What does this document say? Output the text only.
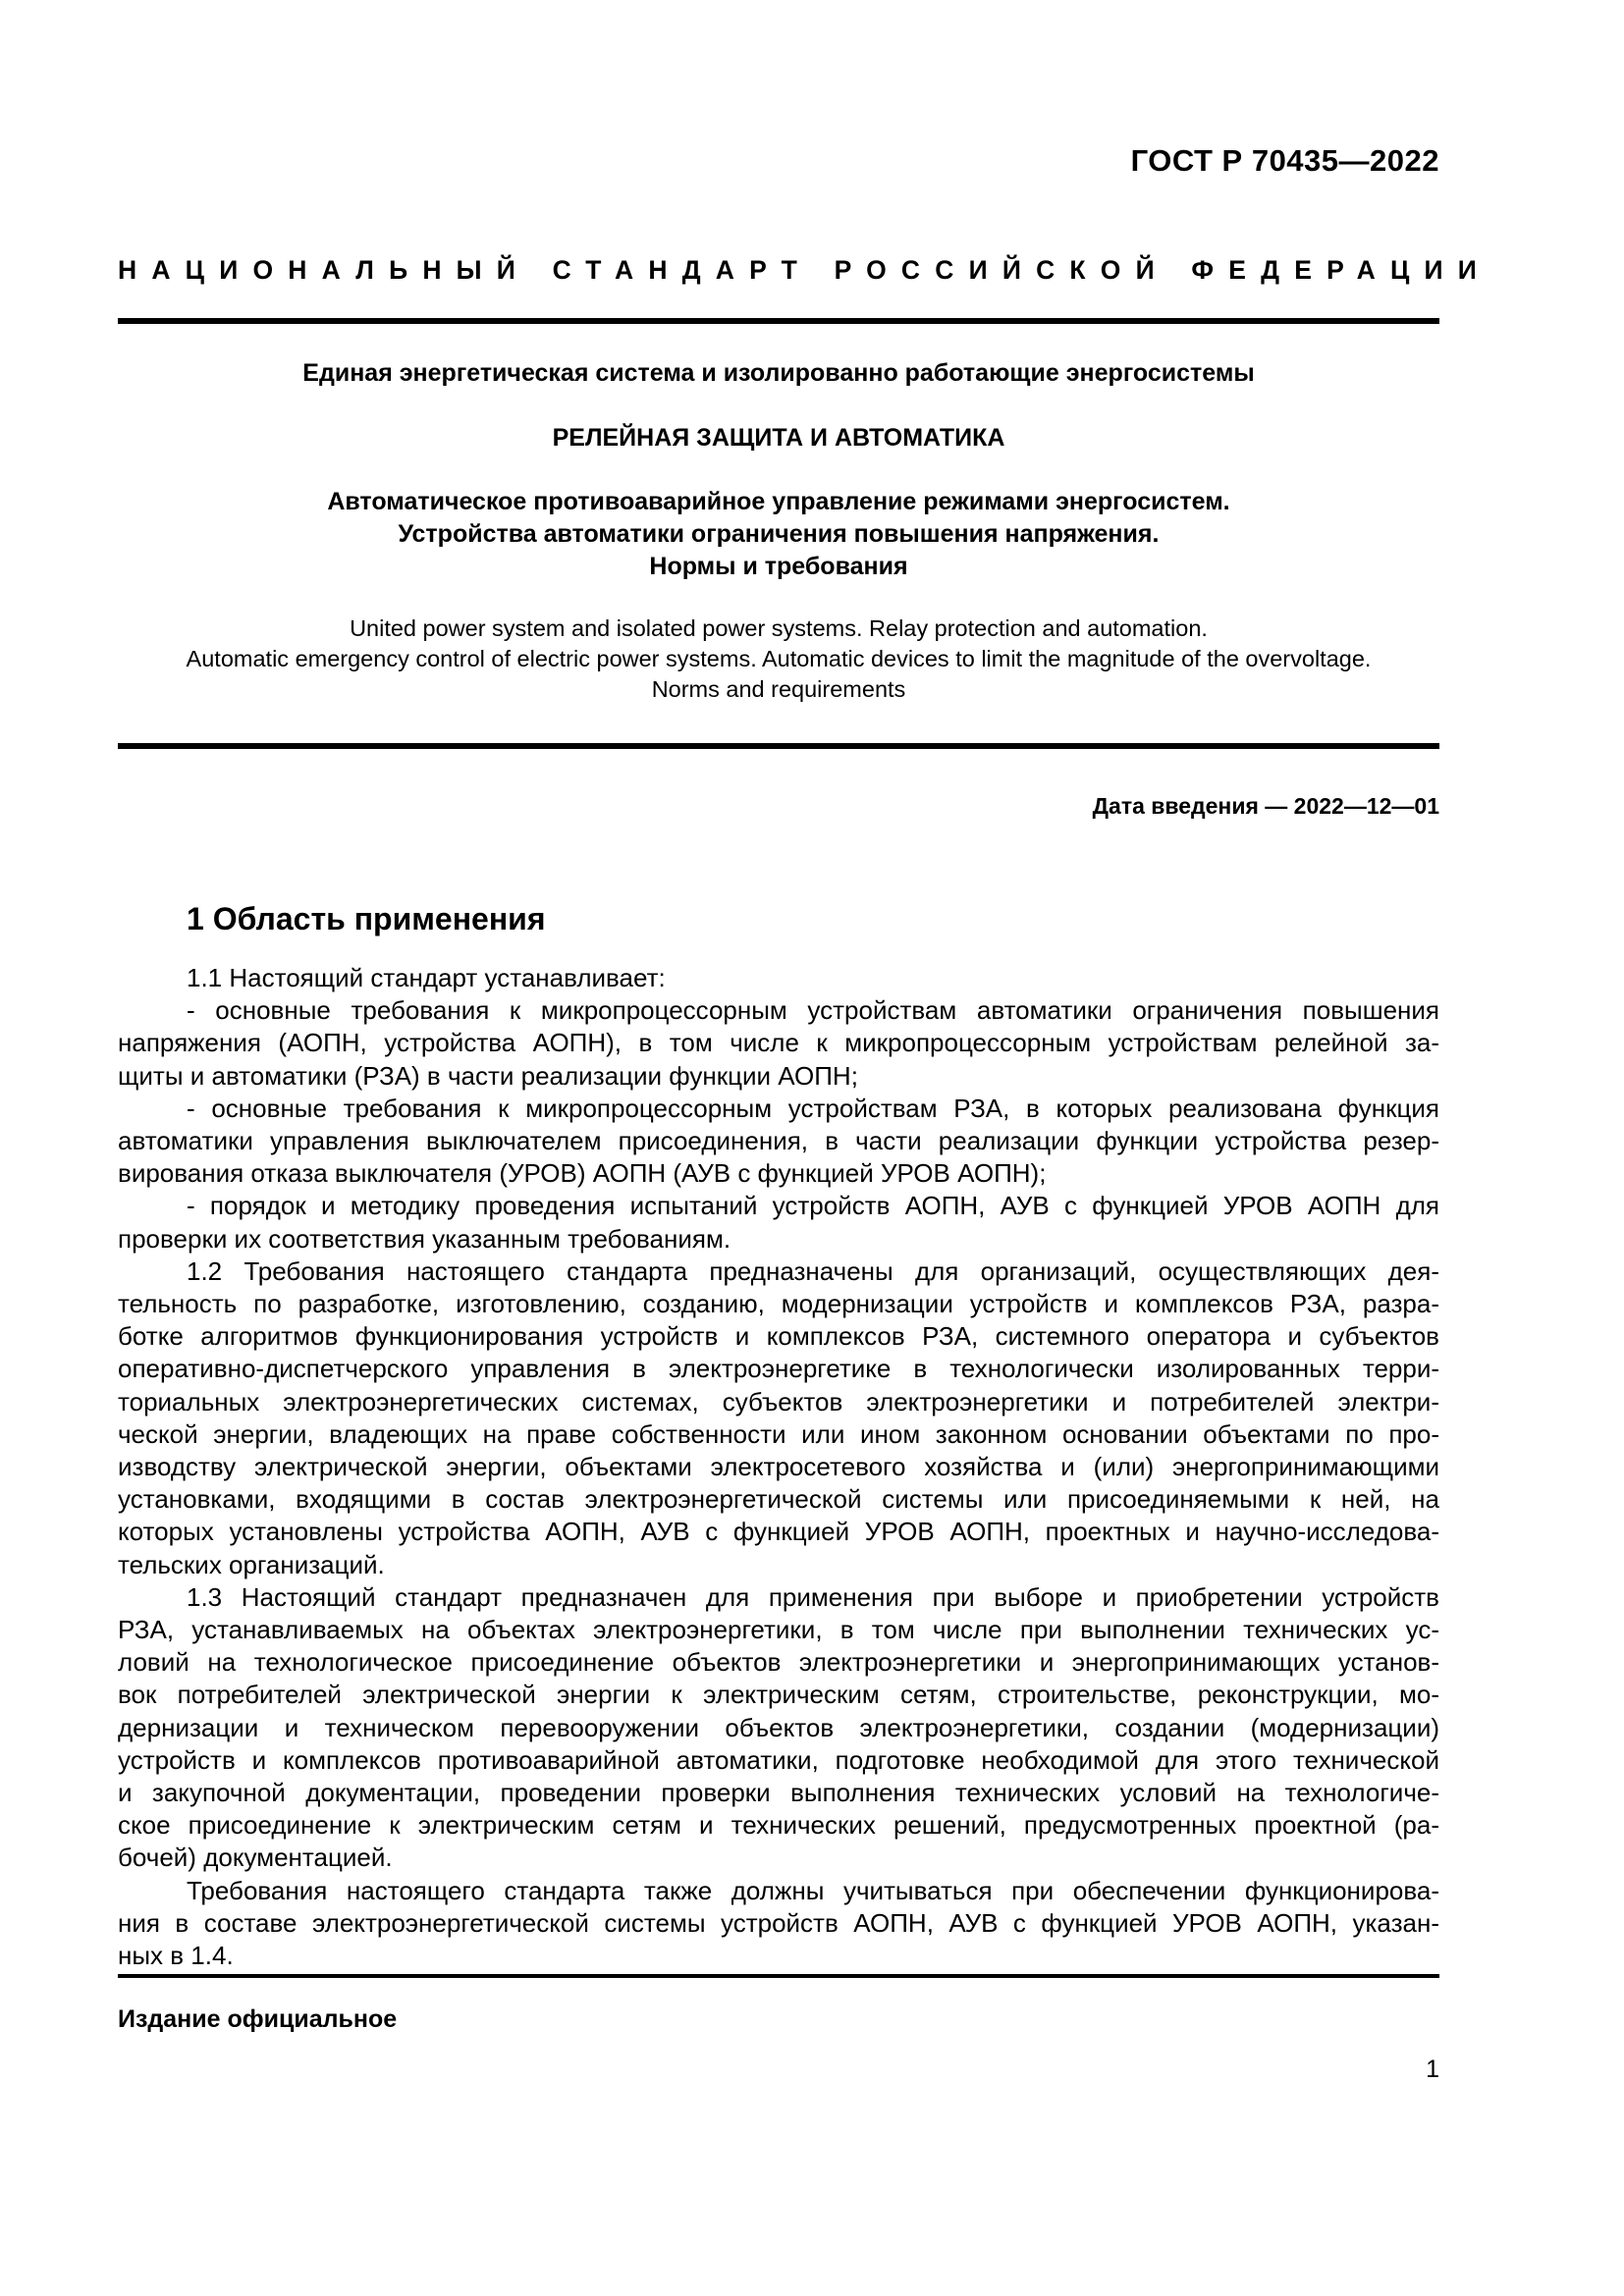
ГОСТ Р 70435—2022
НАЦИОНАЛЬНЫЙ СТАНДАРТ РОССИЙСКОЙ ФЕДЕРАЦИИ
Единая энергетическая система и изолированно работающие энергосистемы
РЕЛЕЙНАЯ ЗАЩИТА И АВТОМАТИКА
Автоматическое противоаварийное управление режимами энергосистем.
Устройства автоматики ограничения повышения напряжения.
Нормы и требования
United power system and isolated power systems. Relay protection and automation.
Automatic emergency control of electric power systems. Automatic devices to limit the magnitude of the overvoltage.
Norms and requirements
Дата введения — 2022—12—01
1 Область применения
1.1 Настоящий стандарт устанавливает:
- основные требования к микропроцессорным устройствам автоматики ограничения повышения
напряжения (АОПН, устройства АОПН), в том числе к микропроцессорным устройствам релейной за-
щиты и автоматики (РЗА) в части реализации функции АОПН;
- основные требования к микропроцессорным устройствам РЗА, в которых реализована функция
автоматики управления выключателем присоединения, в части реализации функции устройства резер-
вирования отказа выключателя (УРОВ) АОПН (АУВ с функцией УРОВ АОПН);
- порядок и методику проведения испытаний устройств АОПН, АУВ с функцией УРОВ АОПН для
проверки их соответствия указанным требованиям.
1.2 Требования настоящего стандарта предназначены для организаций, осуществляющих дея-
тельность по разработке, изготовлению, созданию, модернизации устройств и комплексов РЗА, разра-
ботке алгоритмов функционирования устройств и комплексов РЗА, системного оператора и субъектов
оперативно-диспетчерского управления в электроэнергетике в технологически изолированных терри-
ториальных электроэнергетических системах, субъектов электроэнергетики и потребителей электри-
ческой энергии, владеющих на праве собственности или ином законном основании объектами по про-
изводству электрической энергии, объектами электросетевого хозяйства и (или) энергопринимающими
установками, входящими в состав электроэнергетической системы или присоединяемыми к ней, на
которых установлены устройства АОПН, АУВ с функцией УРОВ АОПН, проектных и научно-исследова-
тельских организаций.
1.3 Настоящий стандарт предназначен для применения при выборе и приобретении устройств
РЗА, устанавливаемых на объектах электроэнергетики, в том числе при выполнении технических ус-
ловий на технологическое присоединение объектов электроэнергетики и энергопринимающих установ-
вок потребителей электрической энергии к электрическим сетям, строительстве, реконструкции, мо-
дернизации и техническом перевооружении объектов электроэнергетики, создании (модернизации)
устройств и комплексов противоаварийной автоматики, подготовке необходимой для этого технической
и закупочной документации, проведении проверки выполнения технических условий на технологиче-
ское присоединение к электрическим сетям и технических решений, предусмотренных проектной (ра-
бочей) документацией.
Требования настоящего стандарта также должны учитываться при обеспечении функционирова-
ния в составе электроэнергетической системы устройств АОПН, АУВ с функцией УРОВ АОПН, указан-
ных в 1.4.
Издание официальное
1
